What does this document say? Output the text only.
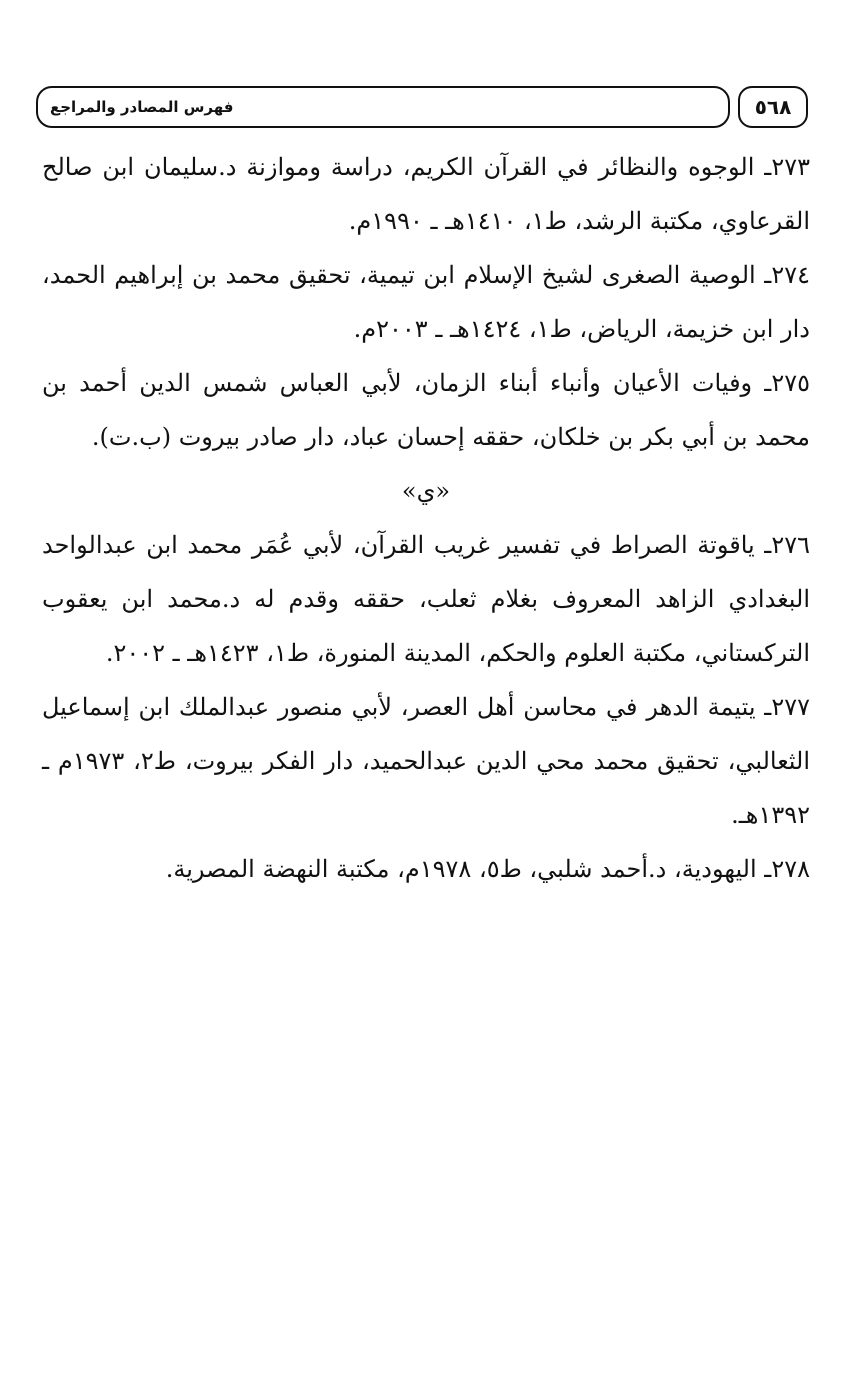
فهرس المصادر والمراجع	٥٦٨

٢٧٣ـ الوجوه والنظائر في القرآن الكريم، دراسة وموازنة د.سليمان ابن صالح القرعاوي، مكتبة الرشد، ط١، ١٤١٠هـ ـ ١٩٩٠م.

٢٧٤ـ الوصية الصغرى لشيخ الإسلام ابن تيمية، تحقيق محمد بن إبراهيم الحمد، دار ابن خزيمة، الرياض، ط١، ١٤٢٤هـ ـ ٢٠٠٣م.

٢٧٥ـ وفيات الأعيان وأنباء أبناء الزمان، لأبي العباس شمس الدين أحمد بن محمد بن أبي بكر بن خلكان، حققه إحسان عباد، دار صادر بيروت (ب.ت).

«ي»

٢٧٦ـ ياقوتة الصراط في تفسير غريب القرآن، لأبي عُمَر محمد ابن عبدالواحد البغدادي الزاهد المعروف بغلام ثعلب، حققه وقدم له د.محمد ابن يعقوب التركستاني، مكتبة العلوم والحكم، المدينة المنورة، ط١، ١٤٢٣هـ ـ ٢٠٠٢.

٢٧٧ـ يتيمة الدهر في محاسن أهل العصر، لأبي منصور عبدالملك ابن إسماعيل الثعالبي، تحقيق محمد محي الدين عبدالحميد، دار الفكر بيروت، ط٢، ١٩٧٣م ـ ١٣٩٢هـ.

٢٧٨ـ اليهودية، د.أحمد شلبي، ط٥، ١٩٧٨م، مكتبة النهضة المصرية.
